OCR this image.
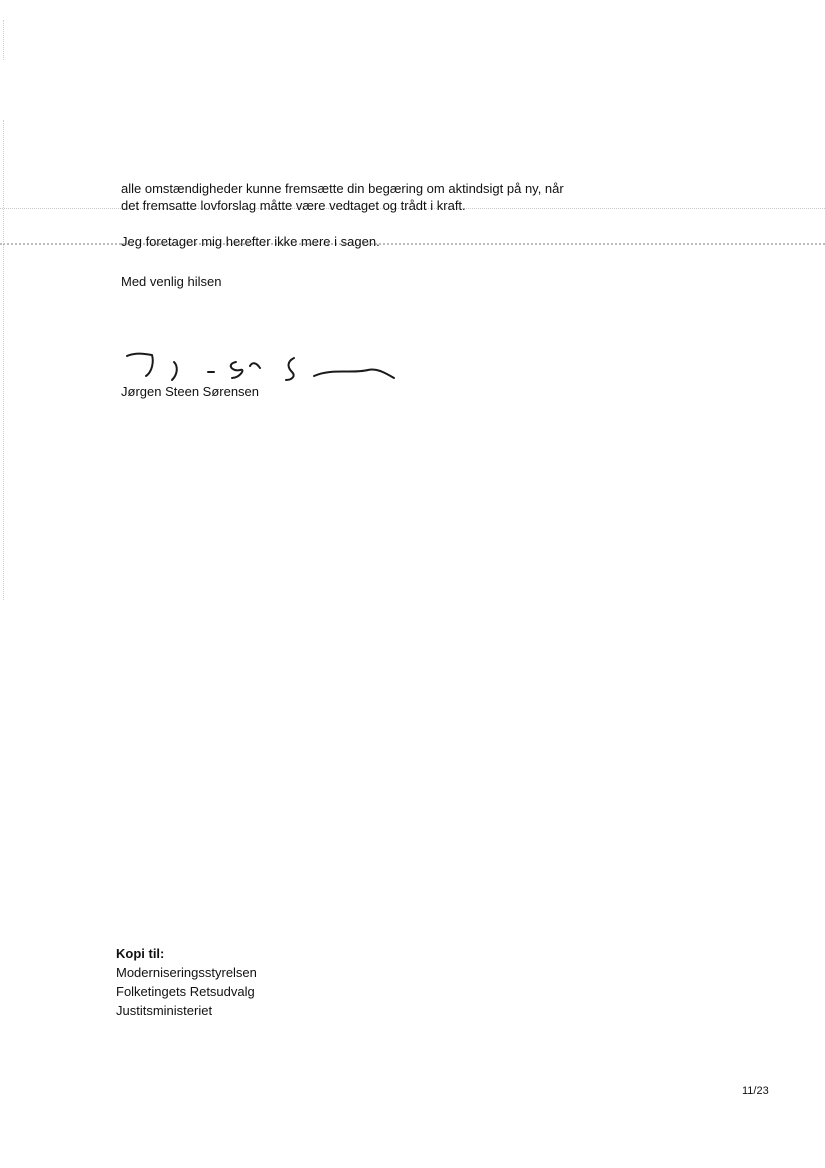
alle omstændigheder kunne fremsætte din begæring om aktindsigt på ny, når
det fremsatte lovforslag måtte være vedtaget og trådt i kraft.
Jeg foretager mig herefter ikke mere i sagen.
Med venlig hilsen
Jørgen Steen Sørensen
Kopi til:
Moderniseringsstyrelsen
Folketingets Retsudvalg
Justitsministeriet
11/23
